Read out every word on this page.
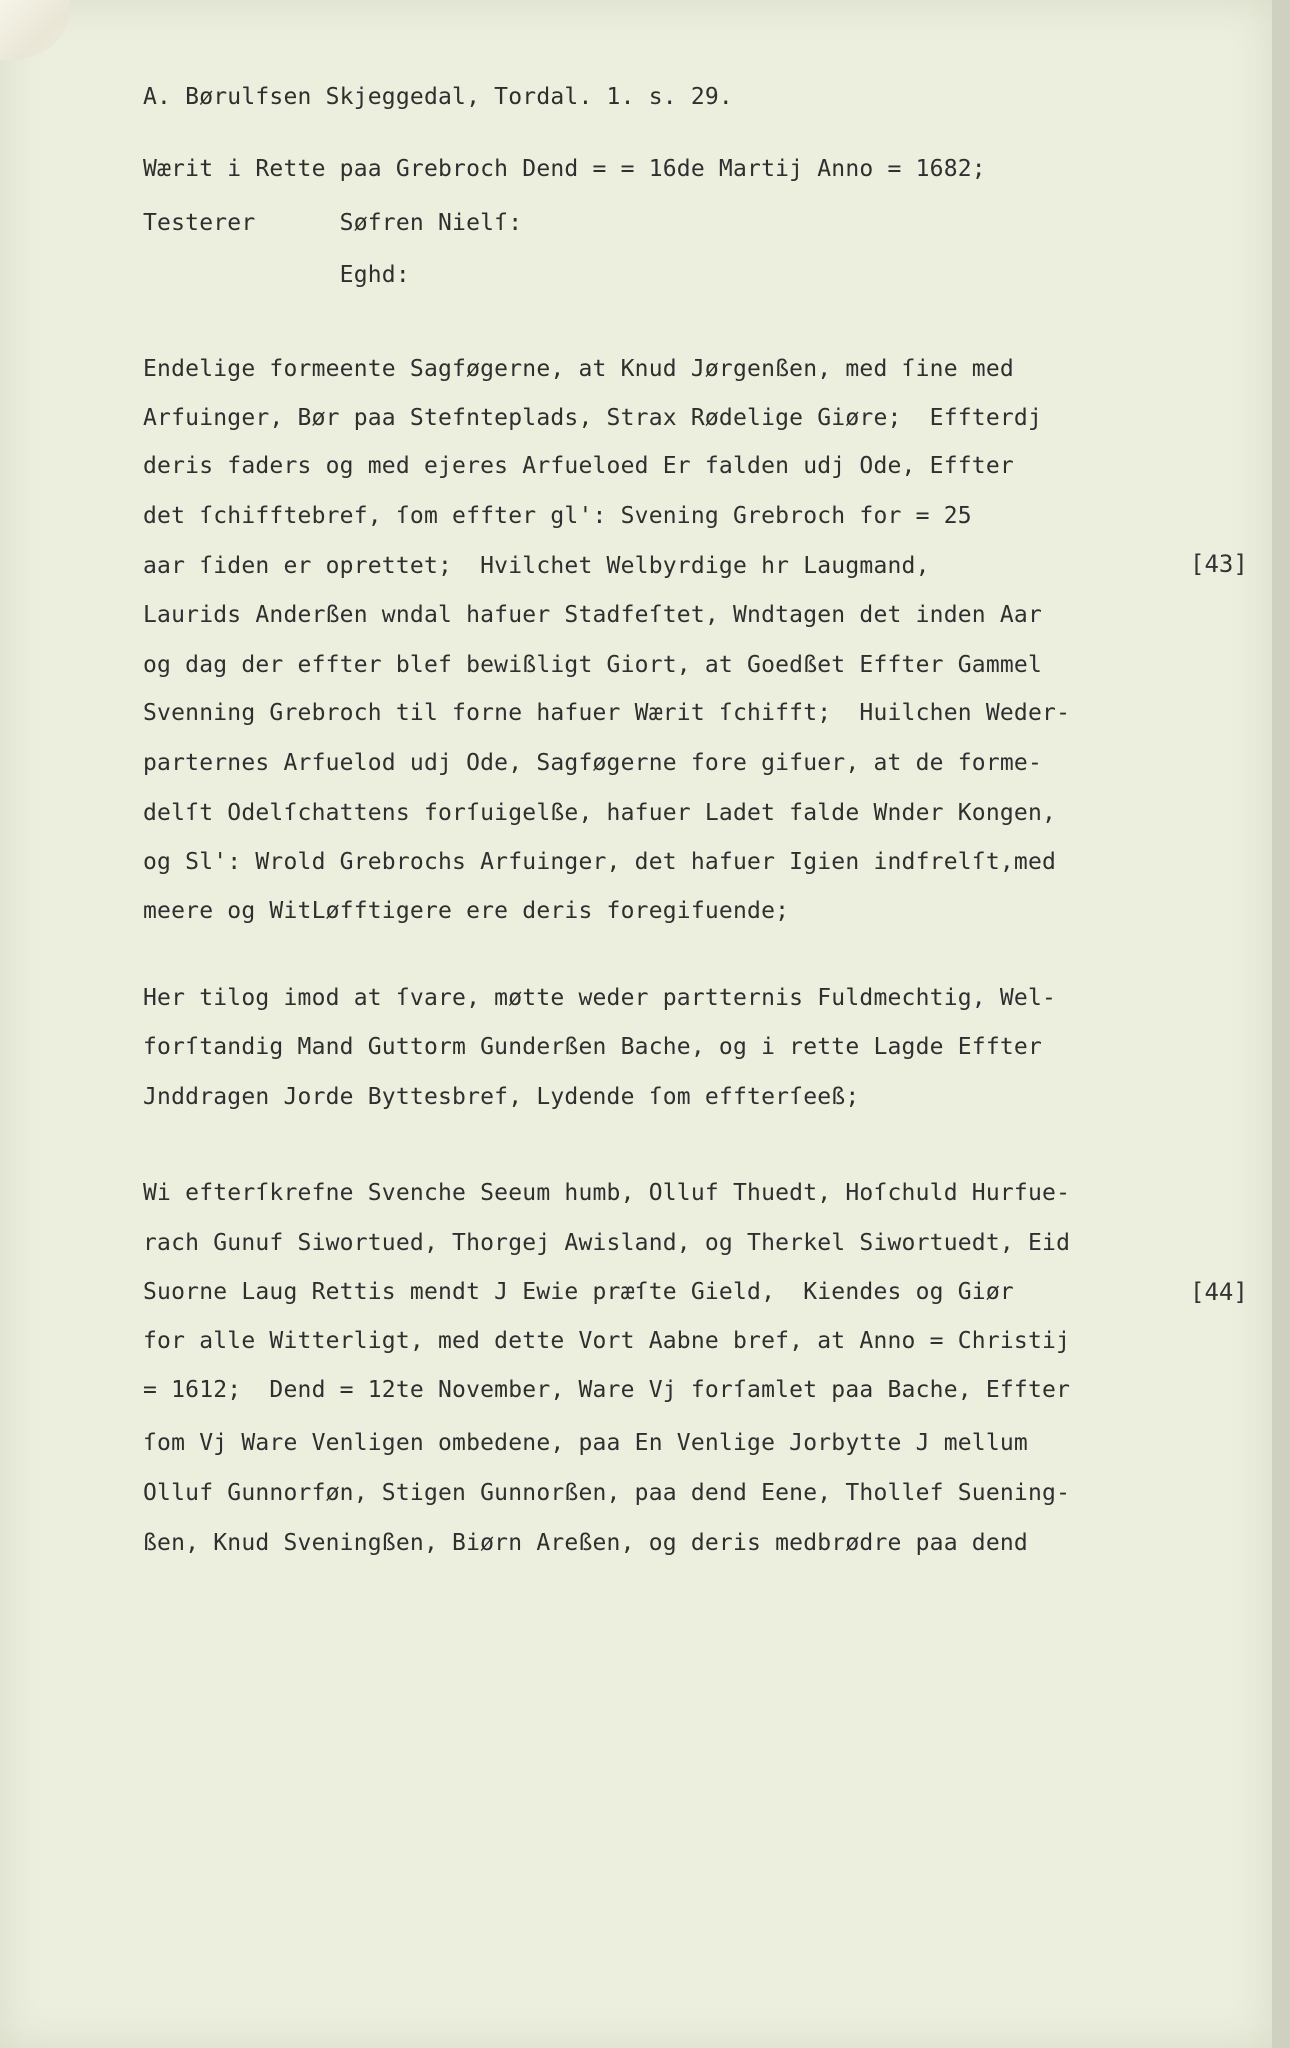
A. Børulfsen Skjeggedal, Tordal. 1. s. 29.

Wærit i Rette paa Grebroch Dend = = 16de Martij Anno = 1682;

Testerer      Søfren Nielſ:

Eghd:

Endelige formeente Sagføgerne, at Knud Jørgenßen, med ſine med

Arfuinger, Bør paa Stefnteplads, Strax Rødelige Giøre;  Effterdj

deris faders og med ejeres Arfueloed Er falden udj Ode, Effter

det ſchifftebref, ſom effter gl': Svening Grebroch for = 25

aar ſiden er oprettet;  Hvilchet Welbyrdige hr Laugmand,

Laurids Anderßen wndal hafuer Stadfeſtet, Wndtagen det inden Aar

og dag der effter blef bewißligt Giort, at Goedßet Effter Gammel

Svenning Grebroch til forne hafuer Wærit ſchifft;  Huilchen Weder-

parternes Arfuelod udj Ode, Sagføgerne fore gifuer, at de forme-

delſt Odelſchattens forſuigelße, hafuer Ladet falde Wnder Kongen,

og Sl': Wrold Grebrochs Arfuinger, det hafuer Igien indfrelſt,med

meere og WitLøfftigere ere deris foregifuende;

Her tilog imod at ſvare, møtte weder partternis Fuldmechtig, Wel-

forſtandig Mand Guttorm Gunderßen Bache, og i rette Lagde Effter

Jnddragen Jorde Byttesbref, Lydende ſom effterſeeß;

Wi efterſkrefne Svenche Seeum humb, Olluf Thuedt, Hoſchuld Hurfue-

rach Gunuf Siwortued, Thorgej Awisland, og Therkel Siwortuedt, Eid

Suorne Laug Rettis mendt J Ewie præſte Gield,  Kiendes og Giør

for alle Witterligt, med dette Vort Aabne bref, at Anno = Christij

= 1612;  Dend = 12te November, Ware Vj forſamlet paa Bache, Effter

ſom Vj Ware Venligen ombedene, paa En Venlige Jorbytte J mellum

Olluf Gunnorføn, Stigen Gunnorßen, paa dend Eene, Thollef Suening-

ßen, Knud Sveningßen, Biørn Areßen, og deris medbrødre paa dend

[43]
[44]
